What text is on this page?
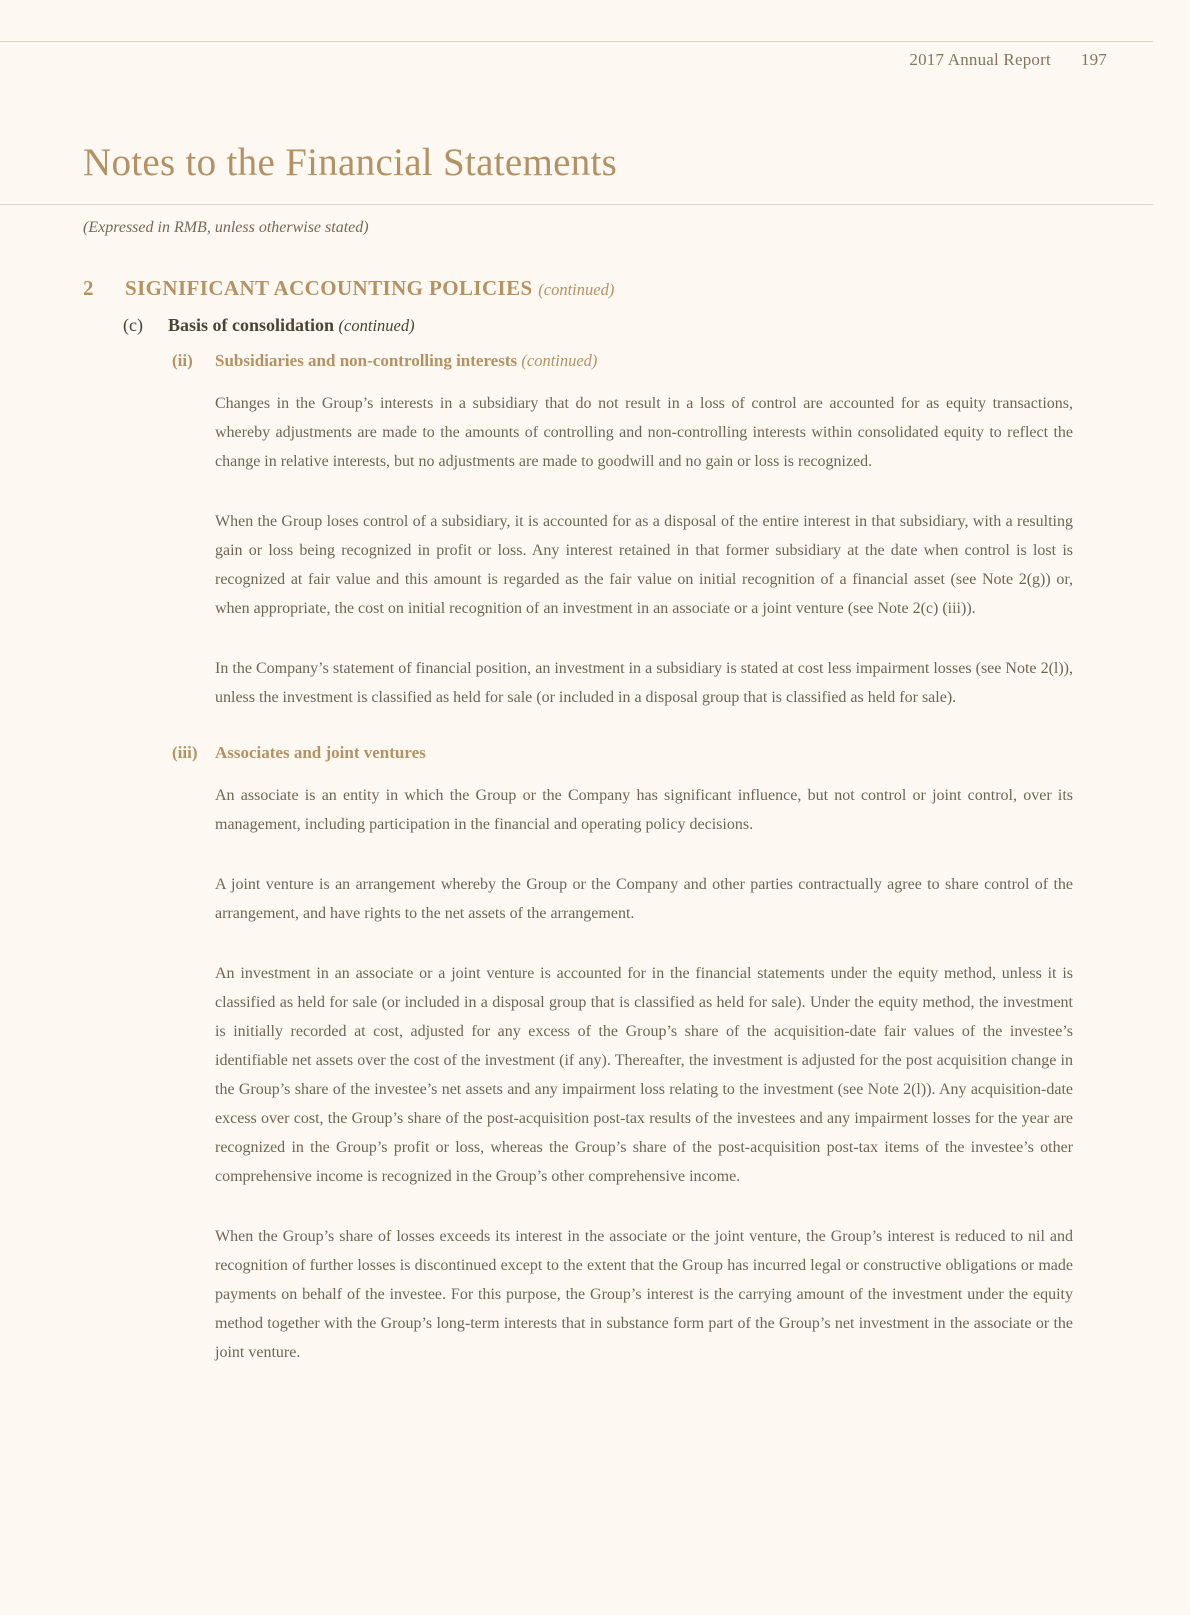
2017 Annual Report 197
Notes to the Financial Statements
(Expressed in RMB, unless otherwise stated)
2	SIGNIFICANT ACCOUNTING POLICIES (continued)
(c)	Basis of consolidation (continued)
(ii)	Subsidiaries and non-controlling interests (continued)

Changes in the Group’s interests in a subsidiary that do not result in a loss of control are accounted for as equity transactions, whereby adjustments are made to the amounts of controlling and non-controlling interests within consolidated equity to reflect the change in relative interests, but no adjustments are made to goodwill and no gain or loss is recognized.

When the Group loses control of a subsidiary, it is accounted for as a disposal of the entire interest in that subsidiary, with a resulting gain or loss being recognized in profit or loss. Any interest retained in that former subsidiary at the date when control is lost is recognized at fair value and this amount is regarded as the fair value on initial recognition of a financial asset (see Note 2(g)) or, when appropriate, the cost on initial recognition of an investment in an associate or a joint venture (see Note 2(c) (iii)).

In the Company’s statement of financial position, an investment in a subsidiary is stated at cost less impairment losses (see Note 2(l)), unless the investment is classified as held for sale (or included in a disposal group that is classified as held for sale).

(iii)	Associates and joint ventures

An associate is an entity in which the Group or the Company has significant influence, but not control or joint control, over its management, including participation in the financial and operating policy decisions.

A joint venture is an arrangement whereby the Group or the Company and other parties contractually agree to share control of the arrangement, and have rights to the net assets of the arrangement.

An investment in an associate or a joint venture is accounted for in the financial statements under the equity method, unless it is classified as held for sale (or included in a disposal group that is classified as held for sale). Under the equity method, the investment is initially recorded at cost, adjusted for any excess of the Group’s share of the acquisition-date fair values of the investee’s identifiable net assets over the cost of the investment (if any). Thereafter, the investment is adjusted for the post acquisition change in the Group’s share of the investee’s net assets and any impairment loss relating to the investment (see Note 2(l)). Any acquisition-date excess over cost, the Group’s share of the post-acquisition post-tax results of the investees and any impairment losses for the year are recognized in the Group’s profit or loss, whereas the Group’s share of the post-acquisition post-tax items of the investee’s other comprehensive income is recognized in the Group’s other comprehensive income.

When the Group’s share of losses exceeds its interest in the associate or the joint venture, the Group’s interest is reduced to nil and recognition of further losses is discontinued except to the extent that the Group has incurred legal or constructive obligations or made payments on behalf of the investee. For this purpose, the Group’s interest is the carrying amount of the investment under the equity method together with the Group’s long-term interests that in substance form part of the Group’s net investment in the associate or the joint venture.
